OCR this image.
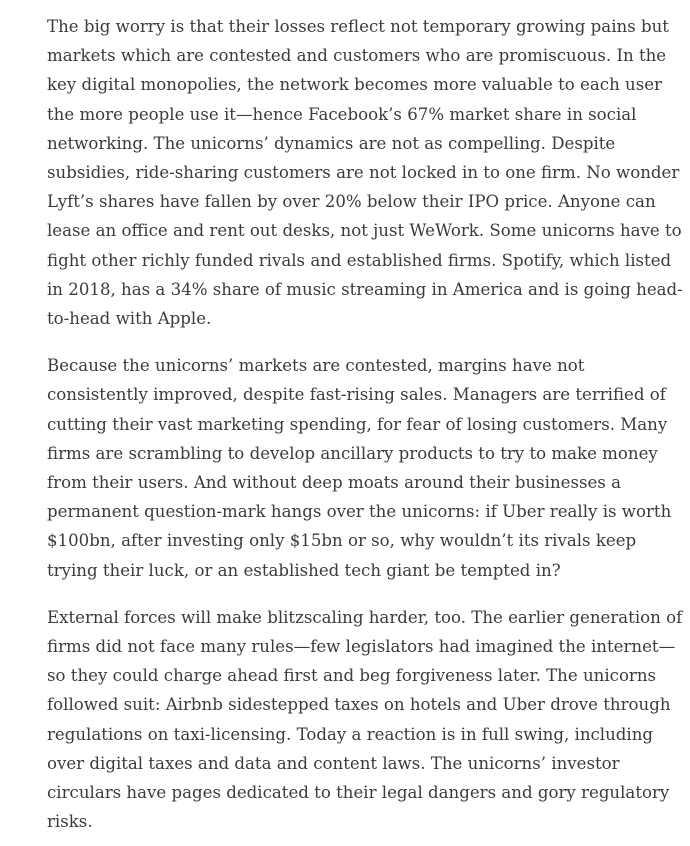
The big worry is that their losses reflect not temporary growing pains but
markets which are contested and customers who are promiscuous. In the
key digital monopolies, the network becomes more valuable to each user
the more people use it—hence Facebook’s 67% market share in social
networking. The unicorns’ dynamics are not as compelling. Despite
subsidies, ride-sharing customers are not locked in to one firm. No wonder
Lyft’s shares have fallen by over 20% below their IPO price. Anyone can
lease an office and rent out desks, not just WeWork. Some unicorns have to
fight other richly funded rivals and established firms. Spotify, which listed
in 2018, has a 34% share of music streaming in America and is going head-
to-head with Apple.

Because the unicorns’ markets are contested, margins have not
consistently improved, despite fast-rising sales. Managers are terrified of
cutting their vast marketing spending, for fear of losing customers. Many
firms are scrambling to develop ancillary products to try to make money
from their users. And without deep moats around their businesses a
permanent question-mark hangs over the unicorns: if Uber really is worth
$100bn, after investing only $15bn or so, why wouldn’t its rivals keep
trying their luck, or an established tech giant be tempted in?

External forces will make blitzscaling harder, too. The earlier generation of
firms did not face many rules—few legislators had imagined the internet—
so they could charge ahead first and beg forgiveness later. The unicorns
followed suit: Airbnb sidestepped taxes on hotels and Uber drove through
regulations on taxi-licensing. Today a reaction is in full swing, including
over digital taxes and data and content laws. The unicorns’ investor
circulars have pages dedicated to their legal dangers and gory regulatory
risks.
